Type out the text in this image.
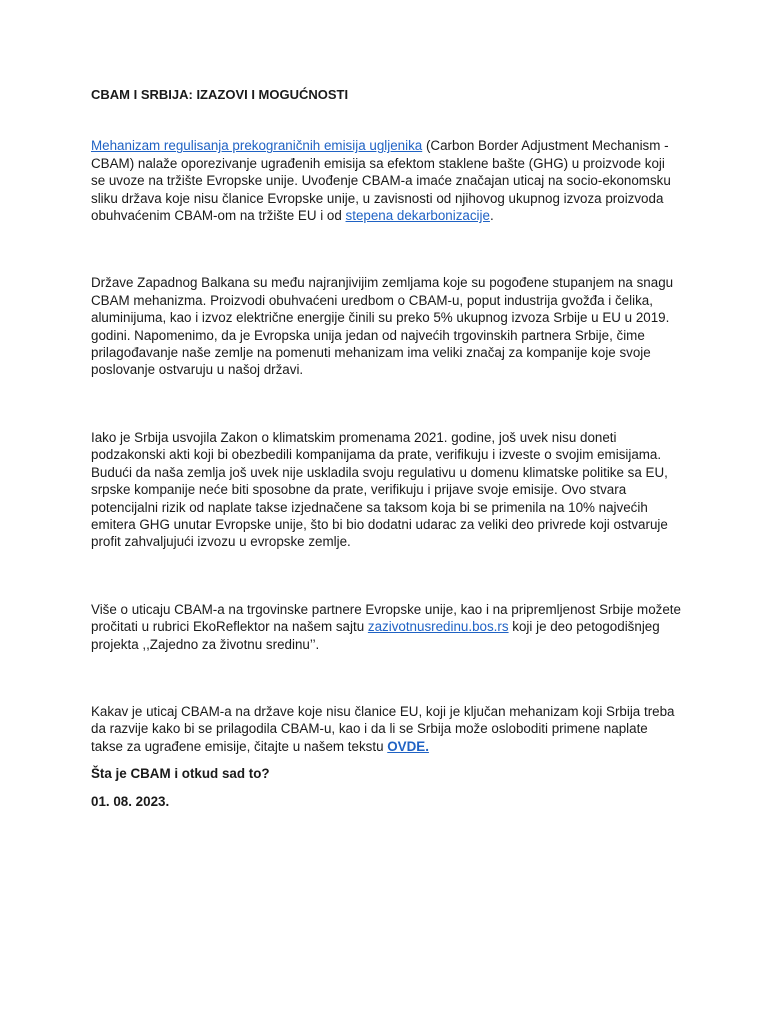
CBAM I SRBIJA: IZAZOVI I MOGUĆNOSTI

Mehanizam regulisanja prekograničnih emisija ugljenika (Carbon Border Adjustment Mechanism - CBAM) nalaže oporezivanje ugrađenih emisija sa efektom staklene bašte (GHG) u proizvode koji se uvoze na tržište Evropske unije. Uvođenje CBAM-a imaće značajan uticaj na socio-ekonomsku sliku država koje nisu članice Evropske unije, u zavisnosti od njihovog ukupnog izvoza proizvoda obuhvaćenim CBAM-om na tržište EU i od stepena dekarbonizacije.

Države Zapadnog Balkana su među najranjivijim zemljama koje su pogođene stupanjem na snagu CBAM mehanizma. Proizvodi obuhvaćeni uredbom o CBAM-u, poput industrija gvožđa i čelika, aluminijuma, kao i izvoz električne energije činili su preko 5% ukupnog izvoza Srbije u EU u 2019. godini. Napomenimo, da je Evropska unija jedan od najvećih trgovinskih partnera Srbije, čime prilagođavanje naše zemlje na pomenuti mehanizam ima veliki značaj za kompanije koje svoje poslovanje ostvaruju u našoj državi.

Iako je Srbija usvojila Zakon o klimatskim promenama 2021. godine, još uvek nisu doneti podzakonski akti koji bi obezbedili kompanijama da prate, verifikuju i izveste o svojim emisijama. Budući da naša zemlja još uvek nije uskladila svoju regulativu u domenu klimatske politike sa EU, srpske kompanije neće biti sposobne da prate, verifikuju i prijave svoje emisije. Ovo stvara potencijalni rizik od naplate takse izjednačene sa taksom koja bi se primenila na 10% najvećih emitera GHG unutar Evropske unije, što bi bio dodatni udarac za veliki deo privrede koji ostvaruje profit zahvaljujući izvozu u evropske zemlje.

Više o uticaju CBAM-a na trgovinske partnere Evropske unije, kao i na pripremljenost Srbije možete pročitati u rubrici EkoReflektor na našem sajtu zazivotnusredinu.bos.rs koji je deo petogodišnjeg projekta ,,Zajedno za životnu sredinu’’.

Kakav je uticaj CBAM-a na države koje nisu članice EU, koji je ključan mehanizam koji Srbija treba da razvije kako bi se prilagodila CBAM-u, kao i da li se Srbija može osloboditi primene naplate takse za ugrađene emisije, čitajte u našem tekstu OVDE.

Šta je CBAM i otkud sad to?

01. 08. 2023.
